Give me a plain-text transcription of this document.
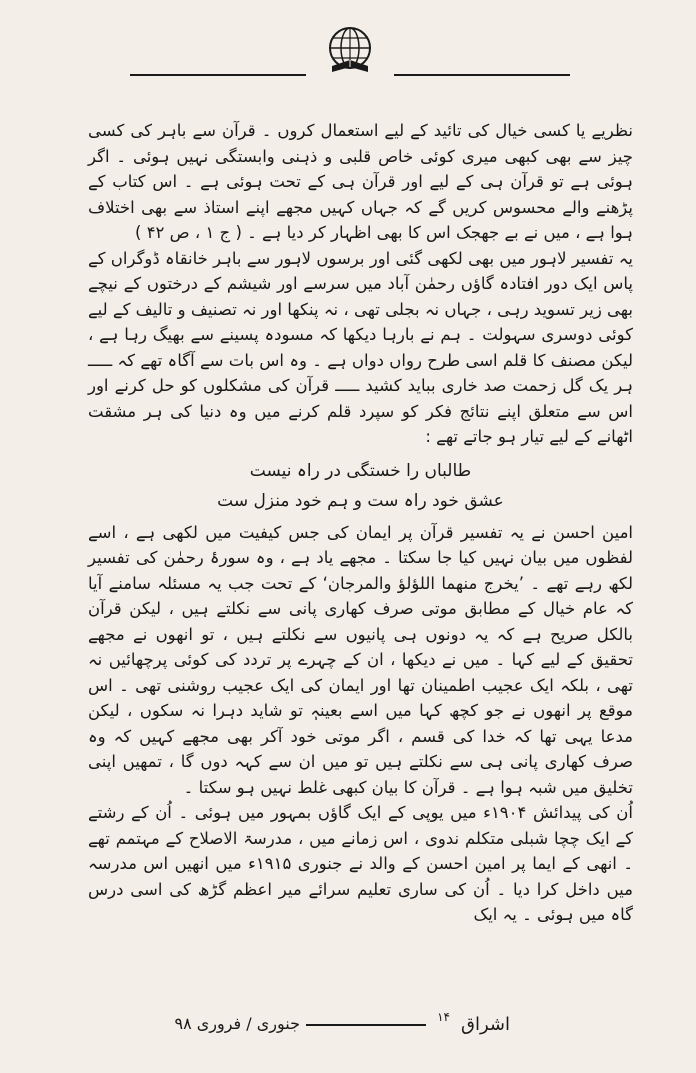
نظریے یا کسی خیال کی تائید کے لیے استعمال کروں ۔ قرآن سے باہر کی کسی چیز سے بھی کبھی میری کوئی خاص قلبی و ذہنی وابستگی نہیں ہوئی ۔ اگر ہوئی ہے تو قرآن ہی کے لیے اور قرآن ہی کے تحت ہوئی ہے ۔ اس کتاب کے پڑھنے والے محسوس کریں گے کہ جہاں کہیں مجھے اپنے استاذ سے بھی اختلاف ہوا ہے ، میں نے بے جھجک اس کا بھی اظہار کر دیا ہے ۔ ( ج ۱ ، ص ۴۲ )

یہ تفسیر لاہور میں بھی لکھی گئی اور برسوں لاہور سے باہر خانقاہ ڈوگراں کے پاس ایک دور افتادہ گاؤں رحمٰن آباد میں سرسے اور شیشم کے درختوں کے نیچے بھی زیر تسوید رہی ، جہاں نہ بجلی تھی ، نہ پنکھا اور نہ تصنیف و تالیف کے لیے کوئی دوسری سہولت ۔ ہم نے بارہا دیکھا کہ مسودہ پسینے سے بھیگ رہا ہے ، لیکن مصنف کا قلم اسی طرح رواں دواں ہے ۔ وہ اس بات سے آگاہ تھے کہ ـــــ ہر یک گل زحمت صد خاری بباید کشید ـــــ قرآن کی مشکلوں کو حل کرنے اور اس سے متعلق اپنے نتائج فکر کو سپرد قلم کرنے میں وہ دنیا کی ہر مشقت اٹھانے کے لیے تیار ہو جاتے تھے :

طالباں را خستگی در راہ نیست
عشق خود راہ ست و ہم خود منزل ست

امین احسن نے یہ تفسیر قرآن پر ایمان کی جس کیفیت میں لکھی ہے ، اسے لفظوں میں بیان نہیں کیا جا سکتا ۔ مجھے یاد ہے ، وہ سورۂ رحمٰن کی تفسیر لکھ رہے تھے ۔ ’یخرج منھما اللؤلؤ والمرجان‘ کے تحت جب یہ مسئلہ سامنے آیا کہ عام خیال کے مطابق موتی صرف کھاری پانی سے نکلتے ہیں ، لیکن قرآن بالکل صریح ہے کہ یہ دونوں ہی پانیوں سے نکلتے ہیں ، تو انھوں نے مجھے تحقیق کے لیے کہا ۔ میں نے دیکھا ، ان کے چہرے پر تردد کی کوئی پرچھائیں نہ تھی ، بلکہ ایک عجیب اطمینان تھا اور ایمان کی ایک عجیب روشنی تھی ۔ اس موقع پر انھوں نے جو کچھ کہا میں اسے بعینہٖ تو شاید دہرا نہ سکوں ، لیکن مدعا یہی تھا کہ خدا کی قسم ، اگر موتی خود آکر بھی مجھے کہیں کہ وہ صرف کھاری پانی ہی سے نکلتے ہیں تو میں ان سے کہہ دوں گا ، تمھیں اپنی تخلیق میں شبہ ہوا ہے ۔ قرآن کا بیان کبھی غلط نہیں ہو سکتا ۔

اُن کی پیدائش ۱۹۰۴ء میں یوپی کے ایک گاؤں بمہور میں ہوئی ۔ اُن کے رشتے کے ایک چچا شبلی متکلم ندوی ، اس زمانے میں ، مدرسۃ الاصلاح کے مہتمم تھے ۔ انھی کے ایما پر امین احسن کے والد نے جنوری ۱۹۱۵ء میں انھیں اس مدرسہ میں داخل کرا دیا ۔ اُن کی ساری تعلیم سرائے میر اعظم گڑھ کی اسی درس گاہ میں ہوئی ۔ یہ ایک

اشراق
۱۴
جنوری / فروری ۹۸
